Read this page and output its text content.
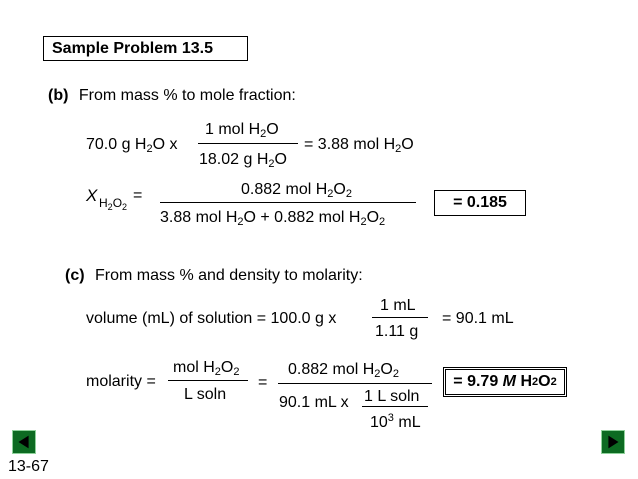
Sample Problem 13.5
(b) From mass % to mole fraction:
70.0 g $H_2O$ x
1 mol $H_2O$
18.02 g $H_2O$
= 3.88 mol $H_2O$
X $H_2O_2$
=	0.882 mol $H_2O_2$
3.88 mol $H_2O + 0.882$ mol $H_2O_2$
= 0.185
(c) From mass % and density to molarity:
volume (mL) of solution = 100.0 g x
1 mL
1.11 g
= 90.1 mL
molarity =
mol $H_2O_2$
L soln
=
0.882 mol $H_2O_2$
90.1 mL x 1 L soln
$10^3$ mL
= 9.79 M H 2 O 2
13-67
